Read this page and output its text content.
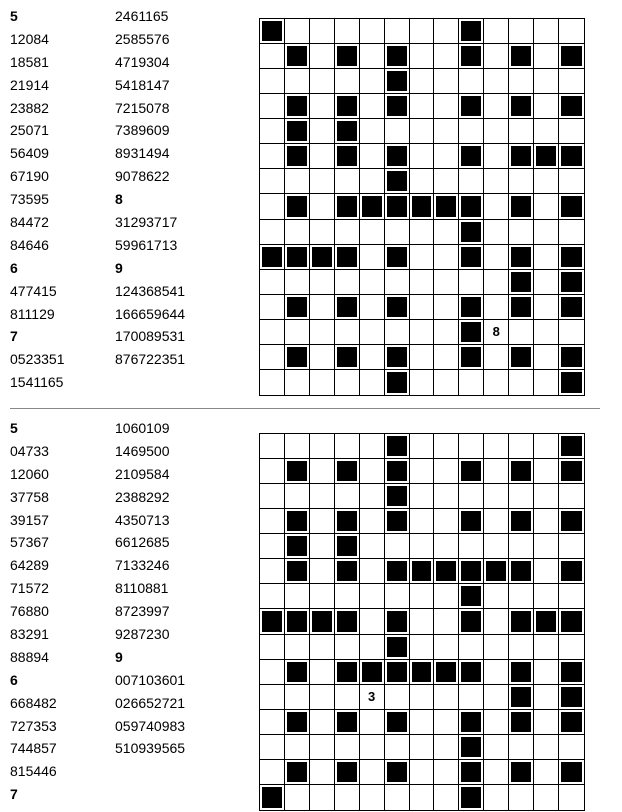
5
12084
18581
21914
23882
25071
56409
67190
73595
84472
84646
6
477415
811129
7
0523351
1541165
2461165
2585576
4719304
5418147
7215078
7389609
8931494
9078622
8
31293717
59961713
9
124368541
166659644
170089531
876722351
8
5
04733
12060
37758
39157
57367
64289
71572
76880
83291
88894
6
668482
727353
744857
815446
7
1060109
1469500
2109584
2388292
4350713
6612685
7133246
8110881
8723997
9287230
9
007103601
026652721
059740983
510939565
3
